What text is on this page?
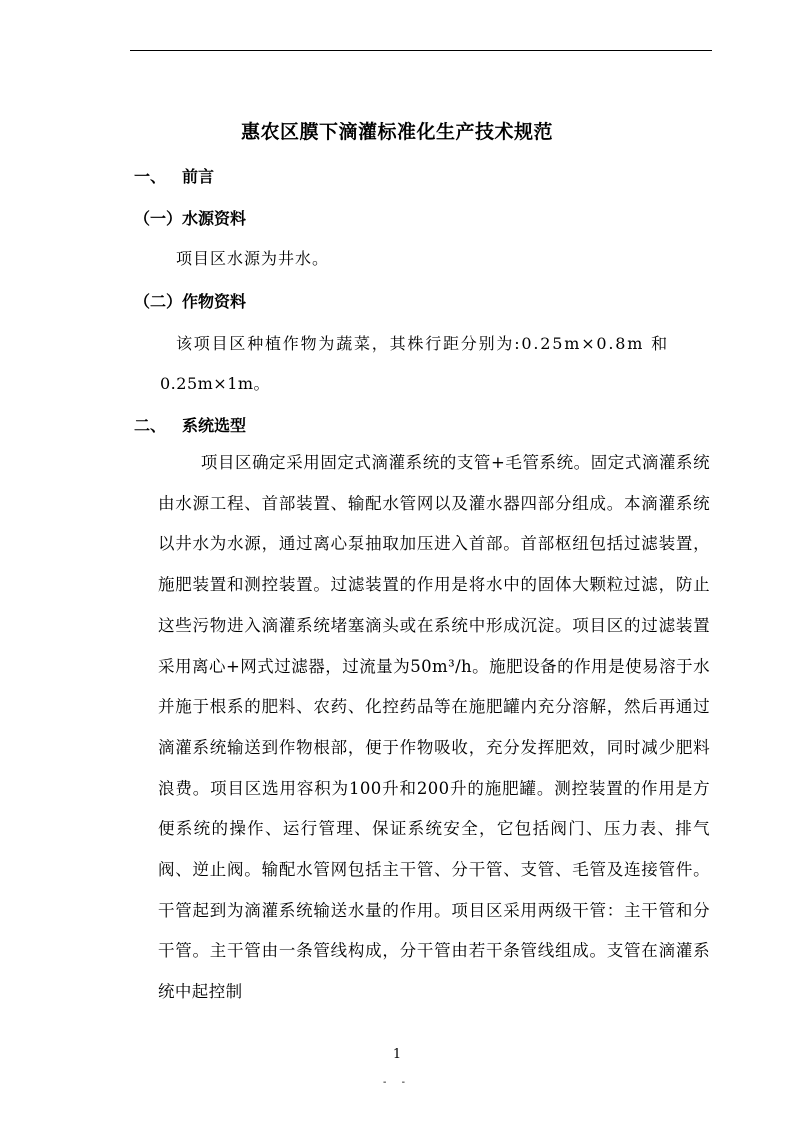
惠农区膜下滴灌标准化生产技术规范
一、 前言
（一）水源资料
项目区水源为井水。
（二）作物资料
该项目区种植作物为蔬菜，其株行距分别为:0.25m×0.8m 和
0.25m×1m。
二、 系统选型
项目区确定采用固定式滴灌系统的支管+毛管系统。固定式滴灌系统由水源工程、首部装置、输配水管网以及灌水器四部分组成。本滴灌系统以井水为水源，通过离心泵抽取加压进入首部。首部枢纽包括过滤装置，施肥装置和测控装置。过滤装置的作用是将水中的固体大颗粒过滤，防止这些污物进入滴灌系统堵塞滴头或在系统中形成沉淀。项目区的过滤装置采用离心+网式过滤器，过流量为50m³/h。施肥设备的作用是使易溶于水并施于根系的肥料、农药、化控药品等在施肥罐内充分溶解，然后再通过滴灌系统输送到作物根部，便于作物吸收，充分发挥肥效，同时减少肥料浪费。项目区选用容积为100升和200升的施肥罐。测控装置的作用是方便系统的操作、运行管理、保证系统安全，它包括阀门、压力表、排气阀、逆止阀。输配水管网包括主干管、分干管、支管、毛管及连接管件。干管起到为滴灌系统输送水量的作用。项目区采用两级干管：主干管和分干管。主干管由一条管线构成，分干管由若干条管线组成。支管在滴灌系统中起控制
1
- -
